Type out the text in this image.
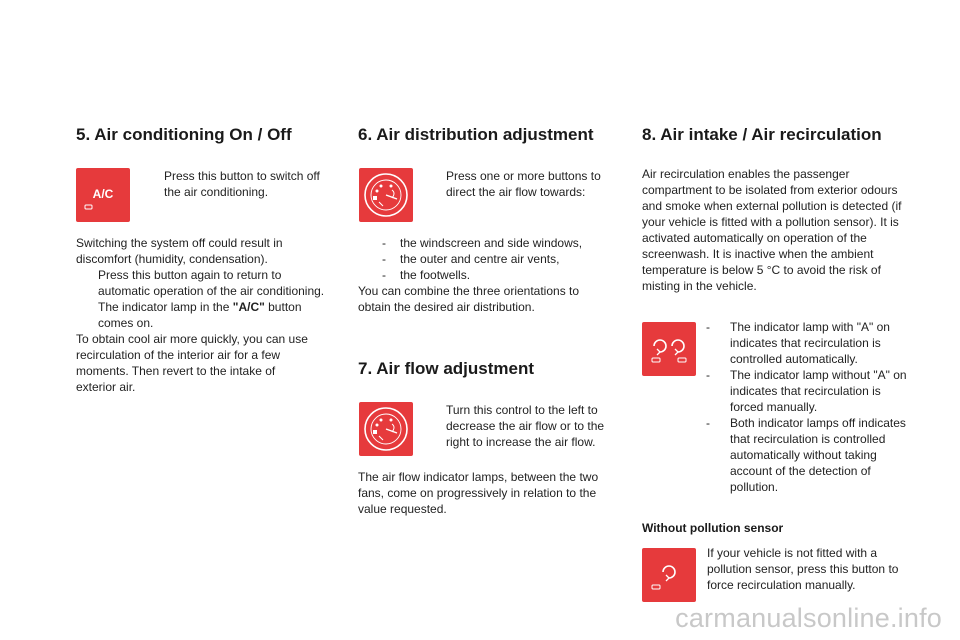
5. Air conditioning On / Off
A/C

Press this button to switch off the air conditioning.

Switching the system off could result in discomfort (humidity, condensation).

Press this button again to return to automatic operation of the air conditioning. The indicator lamp in the "A/C" button comes on.

To obtain cool air more quickly, you can use recirculation of the interior air for a few moments. Then revert to the intake of exterior air.

6. Air distribution adjustment

Press one or more buttons to direct the air flow towards:

- the windscreen and side windows,

- the outer and centre air vents,

- the footwells.

You can combine the three orientations to obtain the desired air distribution.
7. Air flow adjustment

Turn this control to the left to decrease the air flow or to the right to increase the air flow.

The air flow indicator lamps, between the two fans, come on progressively in relation to the value requested.
8. Air intake / Air recirculation
Air recirculation enables the passenger compartment to be isolated from exterior odours and smoke when external pollution is detected (if your vehicle is fitted with a pollution sensor). It is activated automatically on operation of the screenwash. It is inactive when the ambient temperature is below 5 °C to avoid the risk of misting in the vehicle.

- The indicator lamp with "A" on indicates that recirculation is controlled automatically.

- The indicator lamp without "A" on indicates that recirculation is forced manually.

- Both indicator lamps off indicates that recirculation is controlled automatically without taking account of the detection of pollution.

Without pollution sensor
If your vehicle is not fitted with a pollution sensor, press this button to force recirculation manually.
carmanualsonline.info
